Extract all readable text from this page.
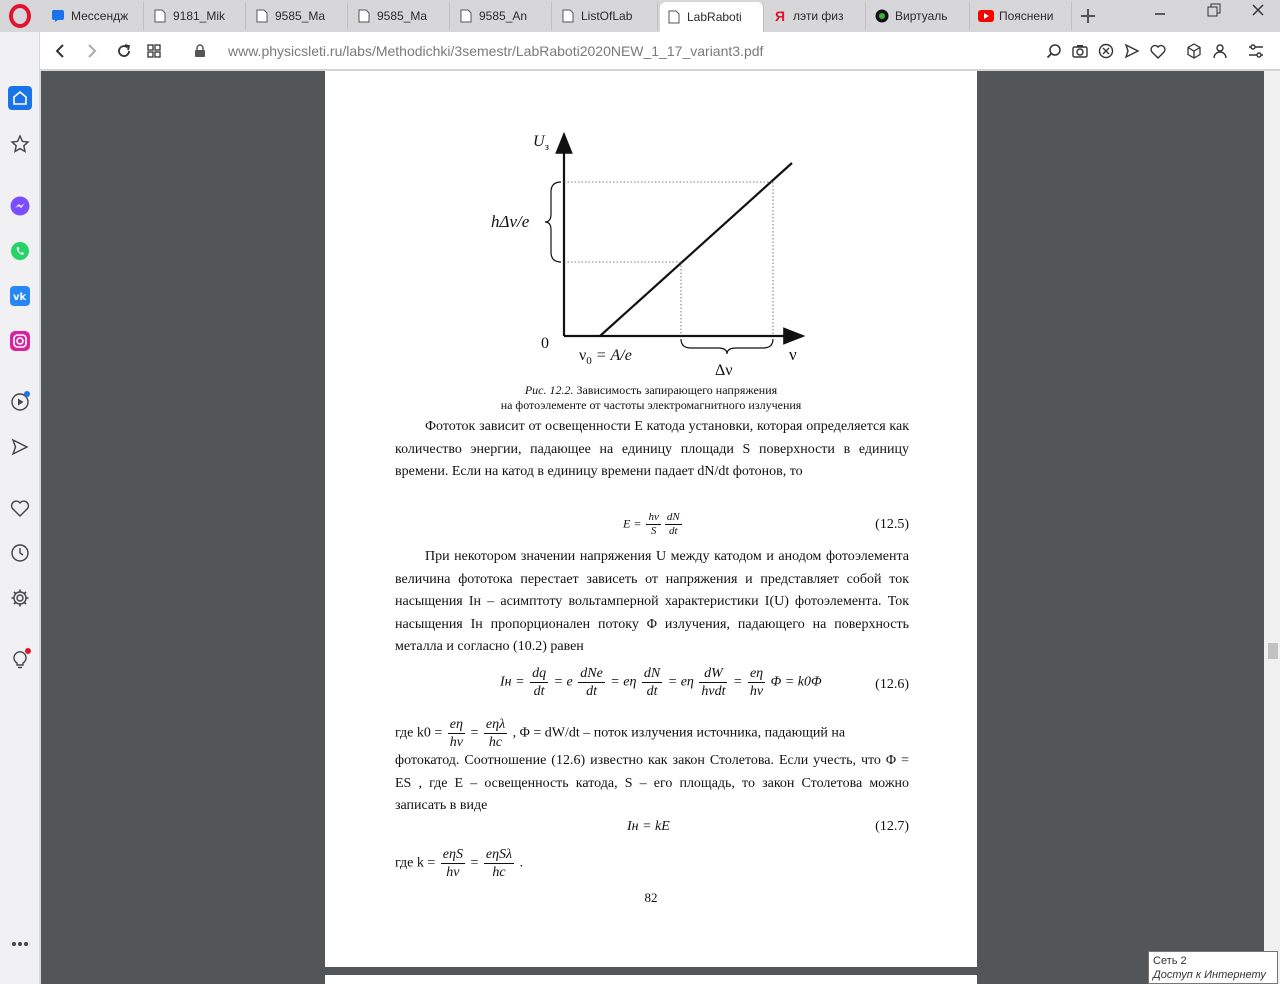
Мессендж	9181_Mik	9585_Ma	9585_Ma	9585_An	ListOfLab	LabRaboti Я лэти физ	Виртуаль	Пояснени
www.physicsleti.ru/labs/Methodichki/3semestr/LabRaboti2020NEW_1_17_variant3.pdf
vk
$U_з$
0
hΔν/e
$\nu_0 = A/e$
Δν
ν
Рис. 12.2. Зависимость запирающего напряжения
на фотоэлементе от частоты электромагнитного излучения
Фототок зависит от освещенности E катода установки, которая определяется как количество энергии, падающее на единицу площади S поверхности в единицу времени. Если на катод в единицу времени падает dN/dt фотонов, то
$E = \frac{h\nu}{S} \frac{dN}{dt}$	(12.5)
При некотором значении напряжения U между катодом и анодом фотоэлемента величина фототока перестает зависеть от напряжения и представляет собой ток насыщения Iн – асимптоту вольтамперной характеристики I(U) фотоэлемента. Ток насыщения Iн пропорционален потоку Φ излучения, падающего на поверхность металла и согласно (10.2) равен
Iн = $\frac{dq}{dt} = e \frac{\text{dNe}}{dt} = e\eta \frac{dN}{dt} = e\eta \frac{dW}{\text{hνdt}} = \frac{e\eta}{h\nu}$ Φ = k0Φ	(12.6)
где $k0 = \frac{e\eta}{h\nu} = \frac{\text{eηλ}}{hc}$ , Φ = dW/dt – поток излучения источника, падающий на
фотокатод. Соотношение (12.6) известно как закон Столетова. Если учесть, что Φ = ES , где E – освещенность катода, S – его площадь, то закон Столетова можно записать в виде
Iн = kE	(12.7)
где $k = \frac{\text{eηS}}{h\nu} = \frac{\text{eηSλ}}{hc}$ .
82
Сеть 2
Доступ к Интернету
